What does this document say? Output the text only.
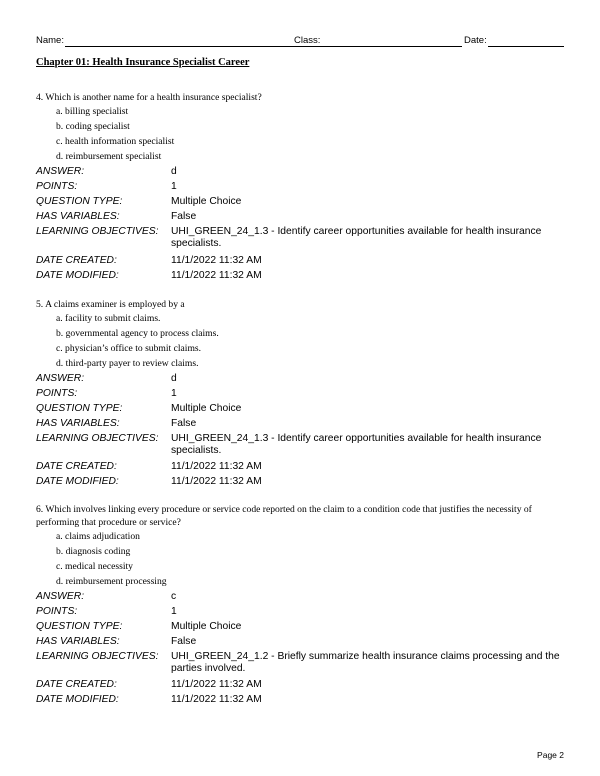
Name:	Class:	Date:
Chapter 01: Health Insurance Specialist Career
4. Which is another name for a health insurance specialist?
a. billing specialist
b. coding specialist
c. health information specialist
d. reimbursement specialist
ANSWER:	d
POINTS:	1
QUESTION TYPE:	Multiple Choice
HAS VARIABLES:	False
LEARNING OBJECTIVES: UHI_GREEN_24_1.3 - Identify career opportunities available for health insurance specialists.
DATE CREATED:	11/1/2022 11:32 AM
DATE MODIFIED:	11/1/2022 11:32 AM
5. A claims examiner is employed by a
a. facility to submit claims.
b. governmental agency to process claims.
c. physician’s office to submit claims.
d. third-party payer to review claims.
ANSWER:	d
POINTS:	1
QUESTION TYPE:	Multiple Choice
HAS VARIABLES:	False
LEARNING OBJECTIVES: UHI_GREEN_24_1.3 - Identify career opportunities available for health insurance specialists.
DATE CREATED:	11/1/2022 11:32 AM
DATE MODIFIED:	11/1/2022 11:32 AM
6. Which involves linking every procedure or service code reported on the claim to a condition code that justifies the necessity of performing that procedure or service?
a. claims adjudication
b. diagnosis coding
c. medical necessity
d. reimbursement processing
ANSWER:	c
POINTS:	1
QUESTION TYPE:	Multiple Choice
HAS VARIABLES:	False
LEARNING OBJECTIVES: UHI_GREEN_24_1.2 - Briefly summarize health insurance claims processing and the parties involved.
DATE CREATED:	11/1/2022 11:32 AM
DATE MODIFIED:	11/1/2022 11:32 AM
Page 2
